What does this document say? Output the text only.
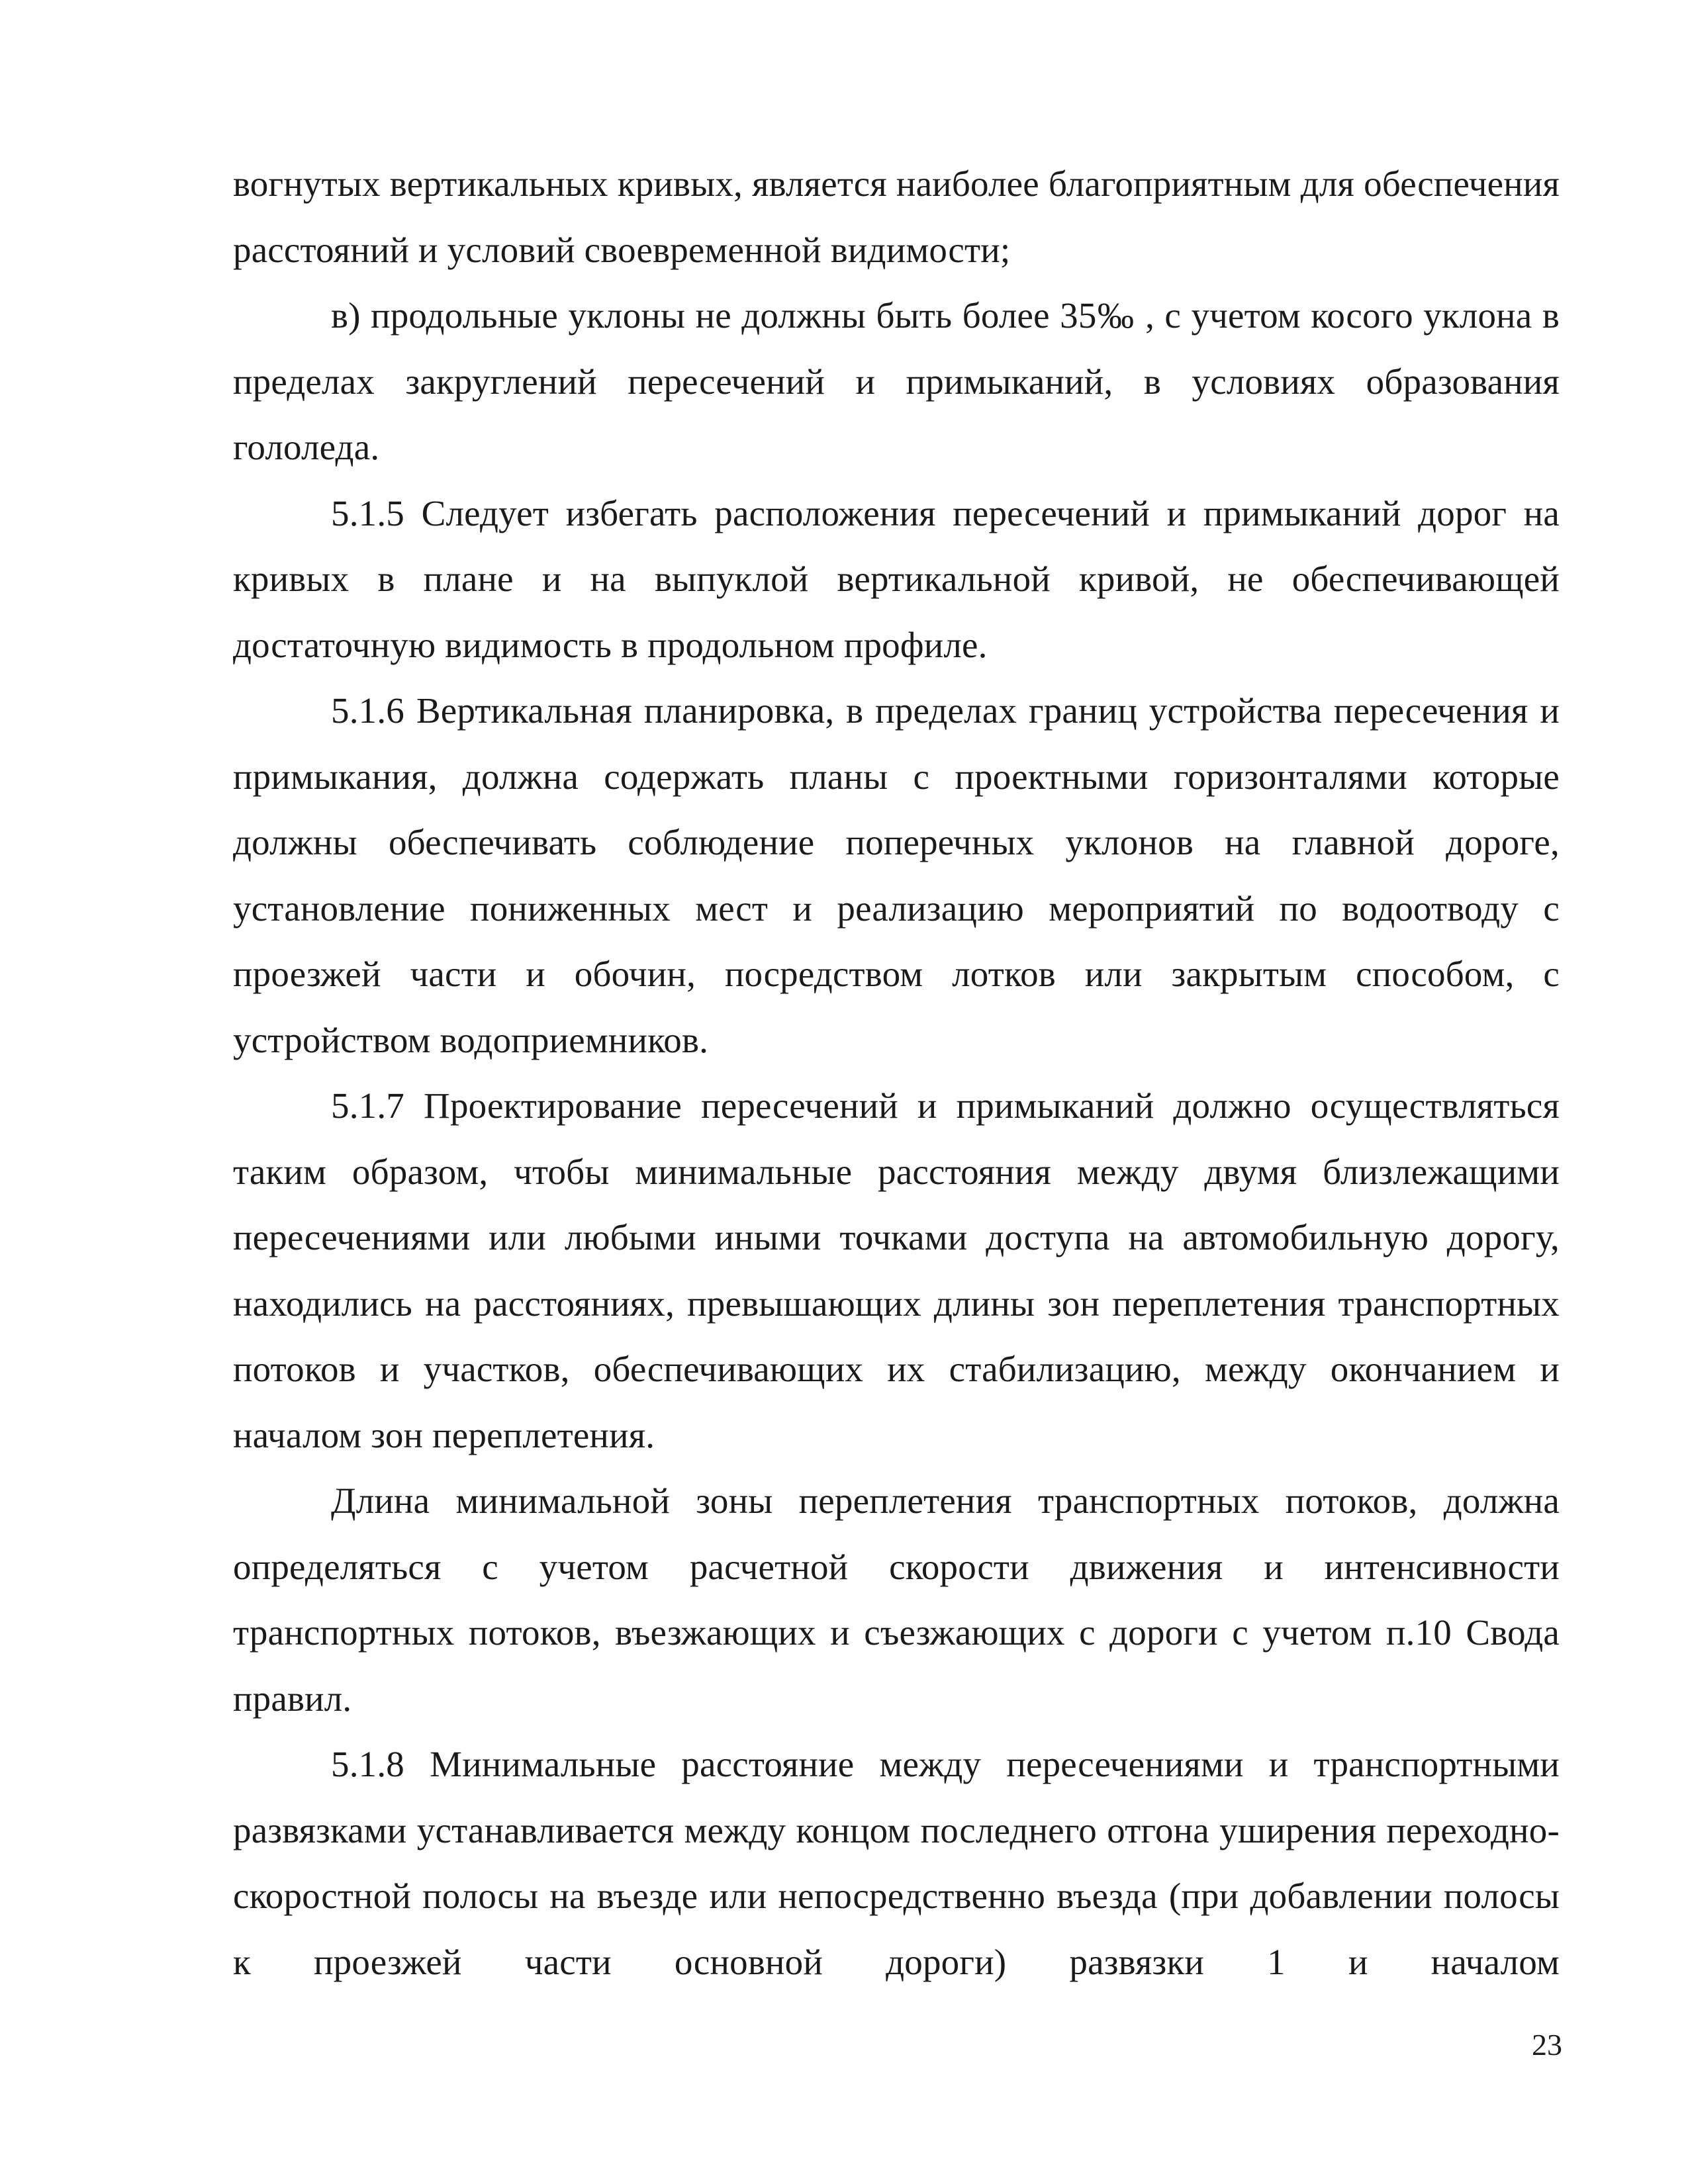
вогнутых вертикальных кривых, является наиболее благоприятным для обеспечения расстояний и условий своевременной видимости;

в) продольные уклоны не должны быть более 35‰ , с учетом косого уклона в пределах закруглений пересечений и примыканий, в условиях образования гололеда.

5.1.5 Следует избегать расположения пересечений и примыканий дорог на кривых в плане и на выпуклой вертикальной кривой, не обеспечивающей достаточную видимость в продольном профиле.

5.1.6 Вертикальная планировка, в пределах границ устройства пересечения и примыкания, должна содержать планы с проектными горизонталями которые должны обеспечивать соблюдение поперечных уклонов на главной дороге, установление пониженных мест и реализацию мероприятий по водоотводу с проезжей части и обочин, посредством лотков или закрытым способом, с устройством водоприемников.

5.1.7 Проектирование пересечений и примыканий должно осуществляться таким образом, чтобы минимальные расстояния между двумя близлежащими пересечениями или любыми иными точками доступа на автомобильную дорогу, находились на расстояниях, превышающих длины зон переплетения транспортных потоков и участков, обеспечивающих их стабилизацию, между окончанием и началом зон переплетения.

Длина минимальной зоны переплетения транспортных потоков, должна определяться с учетом расчетной скорости движения и интенсивности транспортных потоков, въезжающих и съезжающих с дороги с учетом п.10 Свода правил.

5.1.8 Минимальные расстояние между пересечениями и транспортными развязками устанавливается между концом последнего отгона уширения переходно-скоростной полосы на въезде или непосредственно въезда (при добавлении полосы к проезжей части основной дороги) развязки 1 и началом

23
